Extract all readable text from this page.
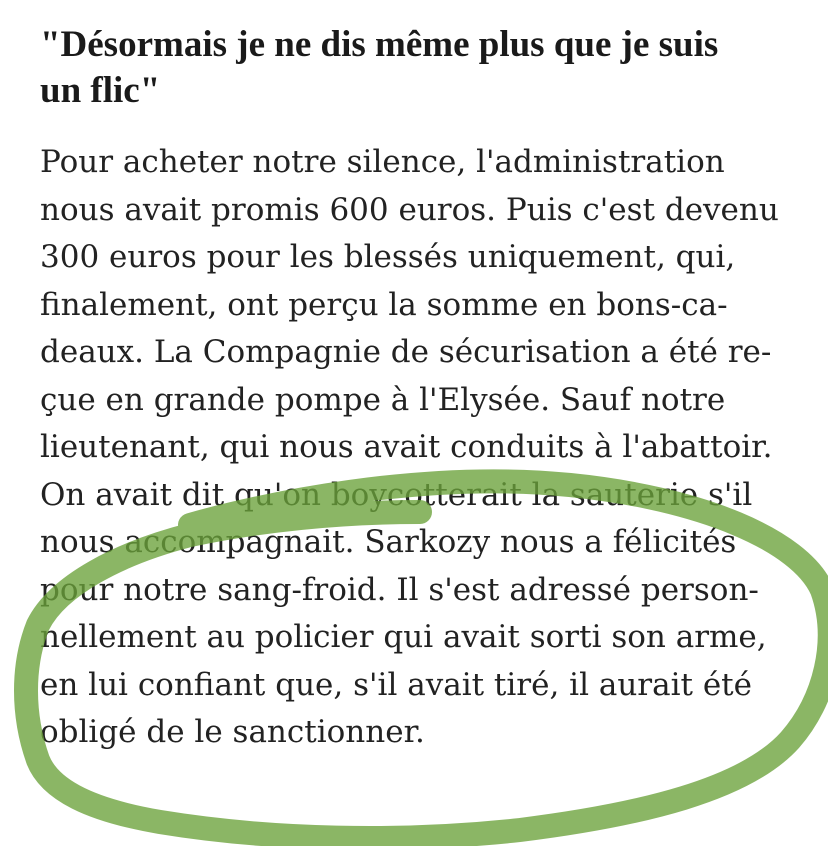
"Désormais je ne dis même plus que je suis
un flic"

Pour acheter notre silence, l'administration
nous avait promis 600 euros. Puis c'est devenu
300 euros pour les blessés uniquement, qui,
finalement, ont perçu la somme en bons-ca-
deaux. La Compagnie de sécurisation a été re-
çue en grande pompe à l'Elysée. Sauf notre
lieutenant, qui nous avait conduits à l'abattoir.
On avait dit qu'on boycotterait la sauterie s'il
nous accompagnait. Sarkozy nous a félicités
pour notre sang-froid. Il s'est adressé person-
nellement au policier qui avait sorti son arme,
en lui confiant que, s'il avait tiré, il aurait été
obligé de le sanctionner.
